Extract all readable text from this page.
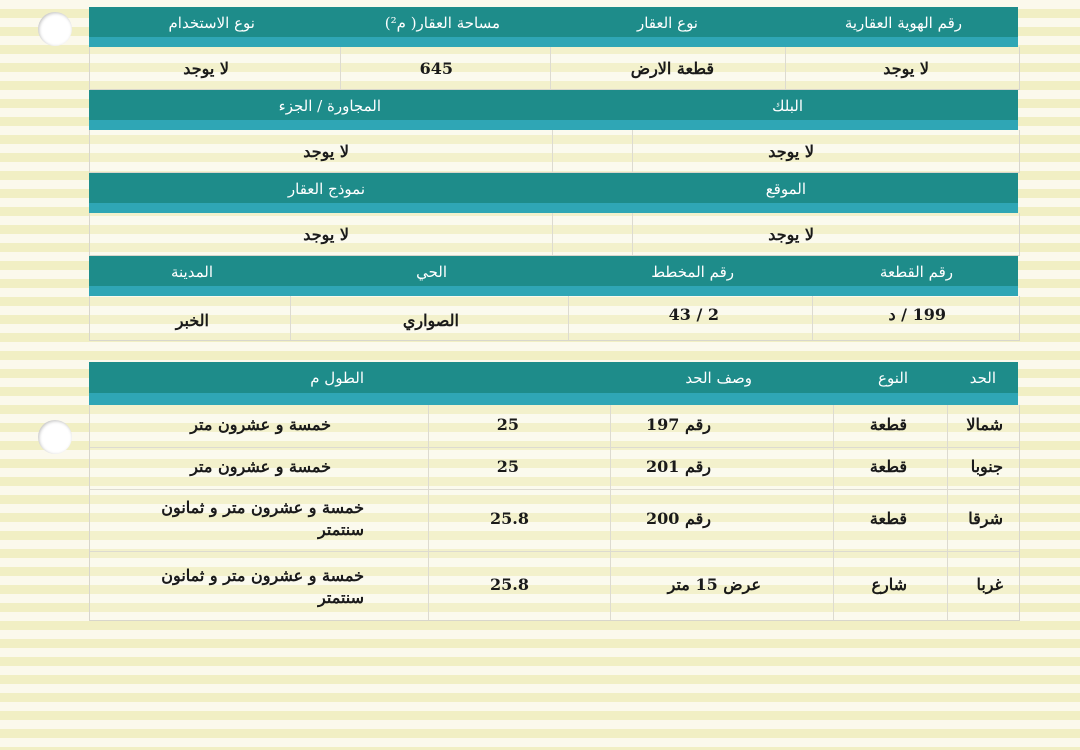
رقم الهوية العقارية
نوع العقار
مساحة العقار( م²)
نوع الاستخدام
لا يوجد
قطعة الارض
645
لا يوجد
البلك
المجاورة / الجزء
لا يوجد
لا يوجد
الموقع
نموذج العقار
لا يوجد
لا يوجد
رقم القطعة
رقم المخطط
الحي
المدينة
199 / د
2 / 43
الصواري
الخبر
الحد
النوع
وصف الحد
الطول م
شمالا
قطعة
رقم 197
25
خمسة و عشرون متر
جنوبا
قطعة
رقم 201
25
خمسة و عشرون متر
شرقا
قطعة
رقم 200
25.8
خمسة و عشرون متر و ثمانون سنتمتر
غربا
شارع
عرض 15 متر
25.8
خمسة و عشرون متر و ثمانون سنتمتر
